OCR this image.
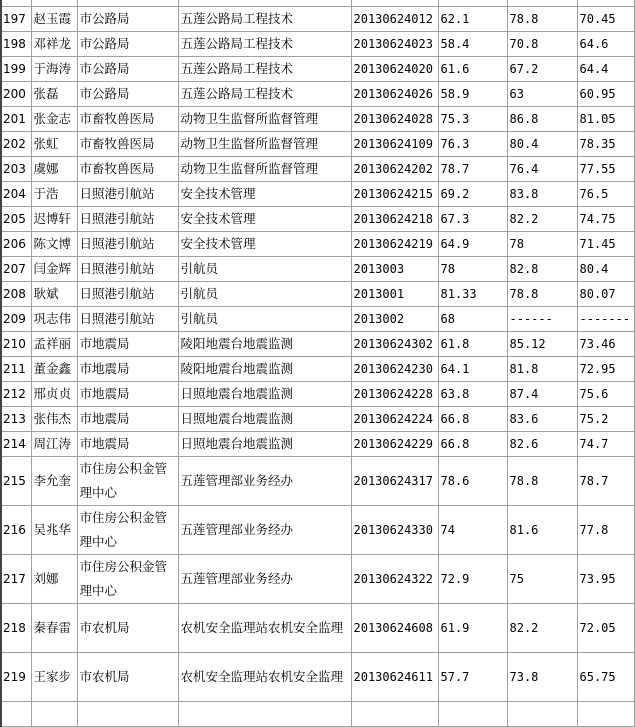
197	赵玉霞	市公路局	五莲公路局工程技术	20130624012	62.1	78.8	70.45
198	邓祥龙	市公路局	五莲公路局工程技术	20130624023	58.4	70.8	64.6
199	于海涛	市公路局	五莲公路局工程技术	20130624020	61.6	67.2	64.4
200	张磊	市公路局	五莲公路局工程技术	20130624026	58.9	63	60.95
201	张金志	市畜牧兽医局	动物卫生监督所监督管理	20130624028	75.3	86.8	81.05
202	张虹	市畜牧兽医局	动物卫生监督所监督管理	20130624109	76.3	80.4	78.35
203	虞娜	市畜牧兽医局	动物卫生监督所监督管理	20130624202	78.7	76.4	77.55
204	于浩	日照港引航站	安全技术管理	20130624215	69.2	83.8	76.5
205	迟博轩	日照港引航站	安全技术管理	20130624218	67.3	82.2	74.75
206	陈文博	日照港引航站	安全技术管理	20130624219	64.9	78	71.45
207	闫金辉	日照港引航站	引航员	2013003	78	82.8	80.4
208	耿斌	日照港引航站	引航员	2013001	81.33	78.8	80.07
209	巩志伟	日照港引航站	引航员	2013002	68	------	-------
210	孟祥丽	市地震局	陵阳地震台地震监测	20130624302	61.8	85.12	73.46
211	董金鑫	市地震局	陵阳地震台地震监测	20130624230	64.1	81.8	72.95
212	邢贞贞	市地震局	日照地震台地震监测	20130624228	63.8	87.4	75.6
213	张伟杰	市地震局	日照地震台地震监测	20130624224	66.8	83.6	75.2
214	周江涛	市地震局	日照地震台地震监测	20130624229	66.8	82.6	74.7
215	李允奎	市住房公积金管理中心	五莲管理部业务经办	20130624317	78.6	78.8	78.7
216	吴兆华	市住房公积金管理中心	五莲管理部业务经办	20130624330	74	81.6	77.8
217	刘娜	市住房公积金管理中心	五莲管理部业务经办	20130624322	72.9	75	73.95
218	秦春雷	市农机局	农机安全监理站农机安全监理	20130624608	61.9	82.2	72.05
219	王家步	市农机局	农机安全监理站农机安全监理	20130624611	57.7	73.8	65.75
